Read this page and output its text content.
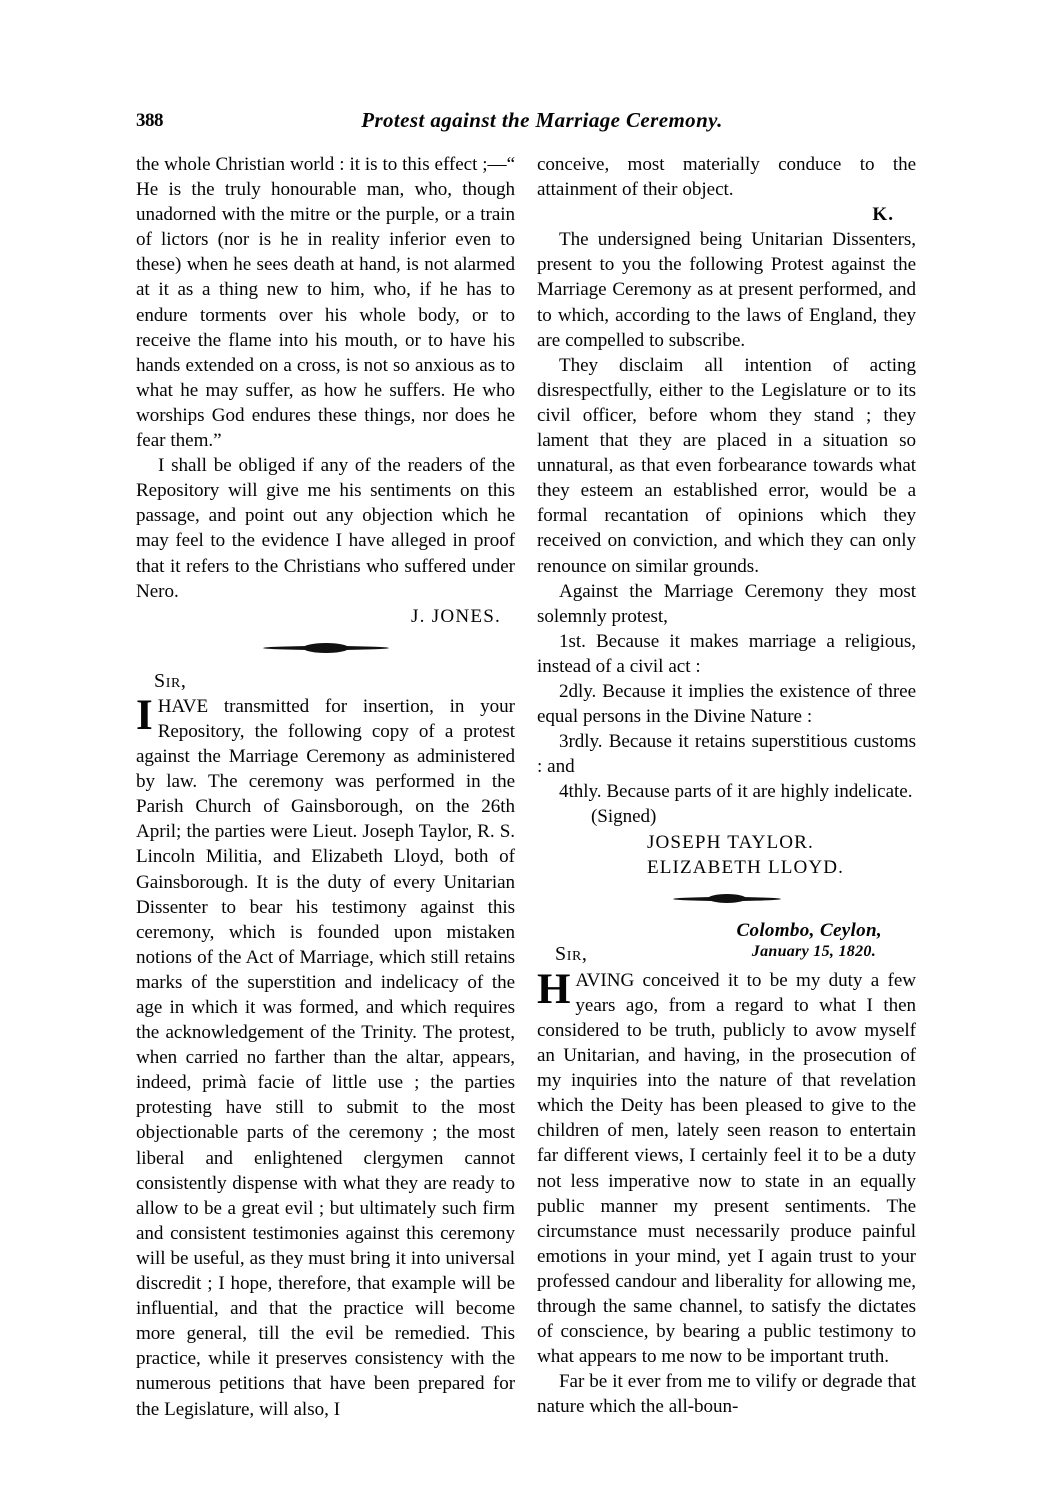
388	Protest against the Marriage Ceremony.

the whole Christian world : it is to this effect ;—“ He is the truly honourable man, who, though unadorned with the mitre or the purple, or a train of lictors (nor is he in reality inferior even to these) when he sees death at hand, is not alarmed at it as a thing new to him, who, if he has to endure torments over his whole body, or to receive the flame into his mouth, or to have his hands extended on a cross, is not so anxious as to what he may suffer, as how he suffers. He who worships God endures these things, nor does he fear them.”

I shall be obliged if any of the readers of the Repository will give me his sentiments on this passage, and point out any objection which he may feel to the evidence I have alleged in proof that it refers to the Christians who suffered under Nero.

J. JONES.

Sir,

IHAVE transmitted for insertion, in your Repository, the following copy of a protest against the Marriage Ceremony as administered by law. The ceremony was performed in the Parish Church of Gainsborough, on the 26th April; the parties were Lieut. Joseph Taylor, R. S. Lincoln Militia, and Elizabeth Lloyd, both of Gainsborough. It is the duty of every Unitarian Dissenter to bear his testimony against this ceremony, which is founded upon mistaken notions of the Act of Marriage, which still retains marks of the superstition and indelicacy of the age in which it was formed, and which requires the acknowledgement of the Trinity. The protest, when carried no farther than the altar, appears, indeed, primà facie of little use ; the parties protesting have still to submit to the most objectionable parts of the ceremony ; the most liberal and enlightened clergymen cannot consistently dispense with what they are ready to allow to be a great evil ; but ultimately such firm and consistent testimonies against this ceremony will be useful, as they must bring it into universal discredit ; I hope, therefore, that example will be influential, and that the practice will become more general, till the evil be remedied. This practice, while it preserves consistency with the numerous petitions that have been prepared for the Legislature, will also, I

conceive, most materially conduce to the attainment of their object.

K.

The undersigned being Unitarian Dissenters, present to you the following Protest against the Marriage Ceremony as at present performed, and to which, according to the laws of England, they are compelled to subscribe.

They disclaim all intention of acting disrespectfully, either to the Legislature or to its civil officer, before whom they stand ; they lament that they are placed in a situation so unnatural, as that even forbearance towards what they esteem an established error, would be a formal recantation of opinions which they received on conviction, and which they can only renounce on similar grounds.

Against the Marriage Ceremony they most solemnly protest,

1st. Because it makes marriage a religious, instead of a civil act :

2dly. Because it implies the existence of three equal persons in the Divine Nature :

3rdly. Because it retains superstitious customs : and

4thly. Because parts of it are highly indelicate.

(Signed)

JOSEPH TAYLOR.

ELIZABETH LLOYD.

Colombo, Ceylon,

Sir,	January 15, 1820.

HAVING conceived it to be my duty a few years ago, from a regard to what I then considered to be truth, publicly to avow myself an Unitarian, and having, in the prosecution of my inquiries into the nature of that revelation which the Deity has been pleased to give to the children of men, lately seen reason to entertain far different views, I certainly feel it to be a duty not less imperative now to state in an equally public manner my present sentiments. The circumstance must necessarily produce painful emotions in your mind, yet I again trust to your professed candour and liberality for allowing me, through the same channel, to satisfy the dictates of conscience, by bearing a public testimony to what appears to me now to be important truth.

Far be it ever from me to vilify or degrade that nature which the all-boun-
